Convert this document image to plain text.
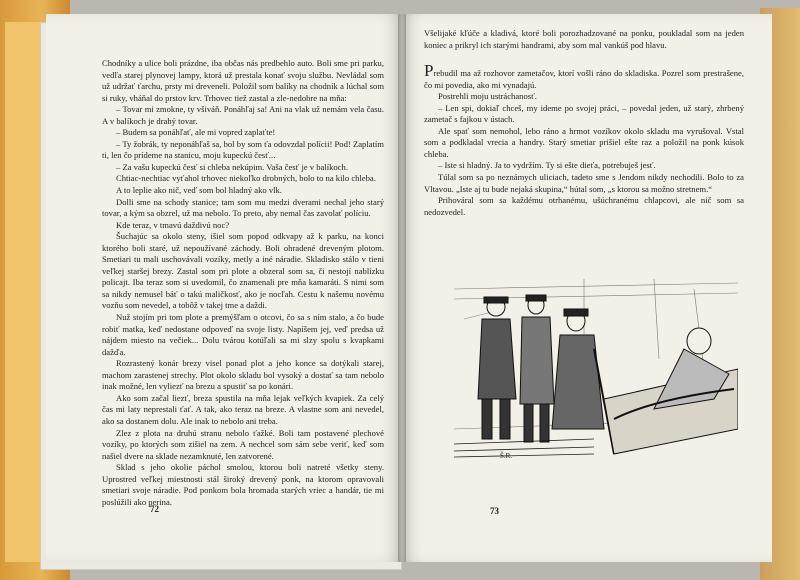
Chodníky a ulice boli prázdne, iba občas nás predbehlo auto. Boli sme pri parku, vedľa starej plynovej lampy, ktorá už prestala konať svoju službu. Nevládal som už udržať ťarchu, prsty mi dreveneli. Položil som balíky na chodník a lúchal som si ruky, vháňal do prstov krv. Trhovec tiež zastal a zle-nedobre na mňa:

– Tovar mi zmokne, ty všiváň. Ponáhľaj sa! Ani na vlak už nemám vela času. A v balíkoch je drahý tovar.

– Budem sa ponáhľať, ale mi vopred zaplaťte!

– Ty žobrák, ty neponáhľaš sa, bol by som ťa odovzdal polícii! Pod! Zaplatím ti, len čo prídeme na stanicu, moju kupeckú česť...

– Za vašu kupeckú česť si chleba nekúpim. Vaša česť je v balíkoch.

Chtiac-nechtiac vyťahol trhovec niekoľko drobných, bolo to na kilo chleba.

A to leplie ako nič, veď som bol hladný ako vlk.

Dolli sme na schody stanice; tam som mu medzi dverami nechal jeho starý tovar, a kým sa obzrel, už ma nebolo. To preto, aby nemal čas zavolať políciu.

Kde teraz, v tmavú daždivú noc?

Šuchajúc sa okolo steny, išiel som popod odkvapy až k parku, na konci ktorého boli staré, už nepoužívané záchody. Boli ohradené dreveným plotom. Smetiari tu mali uschovávali vozíky, metly a iné náradie. Skladisko stálo v tieni veľkej staršej brezy. Zastal som pri plote a obzeral som sa, či nestojí nablízku policajt. Iba teraz som si uvedomil, čo znamenali pre mňa kamaráti. S nimi som sa nikdy nemusel báť o takú maličkosť, ako je nocľah. Cestu k našemu novému vozňu som nevedel, a tobôž v takej tme a daždi.

Nuž stojím pri tom plote a premýšľam o otcovi, čo sa s ním stalo, a čo bude robiť matka, keď nedostane odpoveď na svoje listy. Napíšem jej, veď predsa už nájdem miesto na večiek... Dolu tvárou kotúľali sa mi slzy spolu s kvapkami dažďa.

Rozrastený konár brezy visel ponad plot a jeho konce sa dotýkali starej, machom zarastenej strechy. Plot okolo skladu bol vysoký a dostať sa tam nebolo inak možné, len vyliezť na brezu a spustiť sa po konári.

Ako som začal liezť, breza spustila na mňa lejak veľkých kvapiek. Za celý čas mi laty neprestali ťať. A tak, ako teraz na breze. A vlastne som ani nevedel, ako sa dostanem dolu. Ale inak to nebolo ani treba.

Zlez z plota na druhú stranu nebolo ťažké. Boli tam postavené plechové vozíky, po ktorých som zišiel na zem. A nechcel som sám sebe veriť, keď som našiel dvere na sklade nezamknuté, len zatvorené.

Sklad s jeho okolie páchol smolou, ktorou boli natreté všetky steny. Uprostred veľkej miestnosti stál široký drevený ponk, na ktorom opravovali smetiari svoje náradie. Pod ponkom bola hromada starých vriec a handár, tie mi poslúžili ako perina.

72

Všelijaké kľúče a kladivá, ktoré boli porozhadzované na ponku, poukladal som na jeden koniec a prikryl ich starými handrami, aby som mal vankúš pod hlavu.

Prebudil ma až rozhovor zametačov, ktorí vošli ráno do skladiska. Pozrel som prestrašene, čo mi povedia, ako mi vynadajú.

Postrehli moju ustráchanosť.

– Len spi, dokiaľ chceš, my ideme po svojej práci, – povedal jeden, už starý, zhrbený zametač s fajkou v ústach.

Ale spať som nemohol, lebo ráno a hrmot vozíkov okolo skladu ma vyrušoval. Vstal som a podkladal vrecia a handry. Starý smetiar prišiel ešte raz a položil na ponk kúsok chleba.

– Iste si hladný. Ja to vydržím. Ty si ešte dieťa, potrebuješ jesť.

Túlal som sa po neznámych uliciach, tadeto sme s Jendom nikdy nechodili. Bolo to za Vltavou. „Iste aj tu bude nejaká skupina,“ hútal som, „s ktorou sa možno stretnem.“

Prihováral som sa každému otrhanému, ušúchranému chlapcovi, ale nič som sa nedozvedel.

Š.R.
73
